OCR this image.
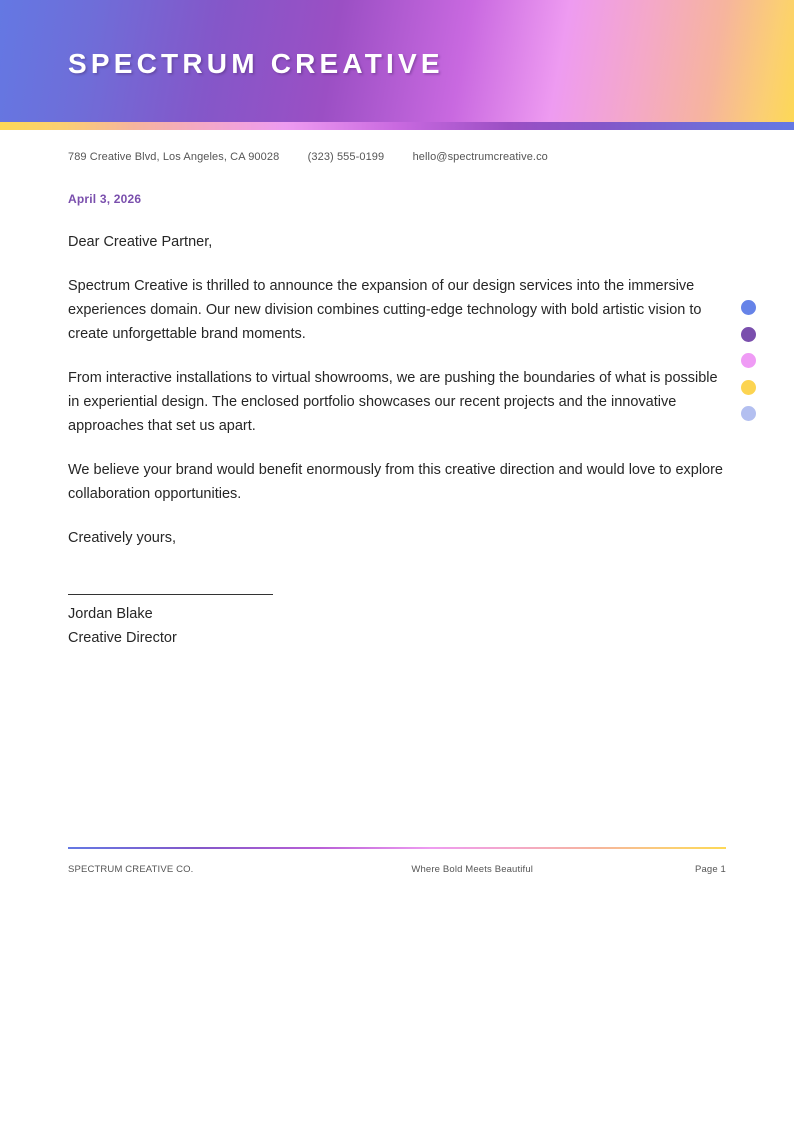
SPECTRUM CREATIVE
789 Creative Blvd, Los Angeles, CA 90028	(323) 555-0199	hello@spectrumcreative.co
April 3, 2026

Dear Creative Partner,

Spectrum Creative is thrilled to announce the expansion of our design services into the immersive experiences domain. Our new division combines cutting-edge technology with bold artistic vision to create unforgettable brand moments.

From interactive installations to virtual showrooms, we are pushing the boundaries of what is possible in experiential design. The enclosed portfolio showcases our recent projects and the innovative approaches that set us apart.

We believe your brand would benefit enormously from this creative direction and would love to explore collaboration opportunities.

Creatively yours,

Jordan Blake
Creative Director
SPECTRUM CREATIVE CO.	Where Bold Meets Beautiful	Page 1
